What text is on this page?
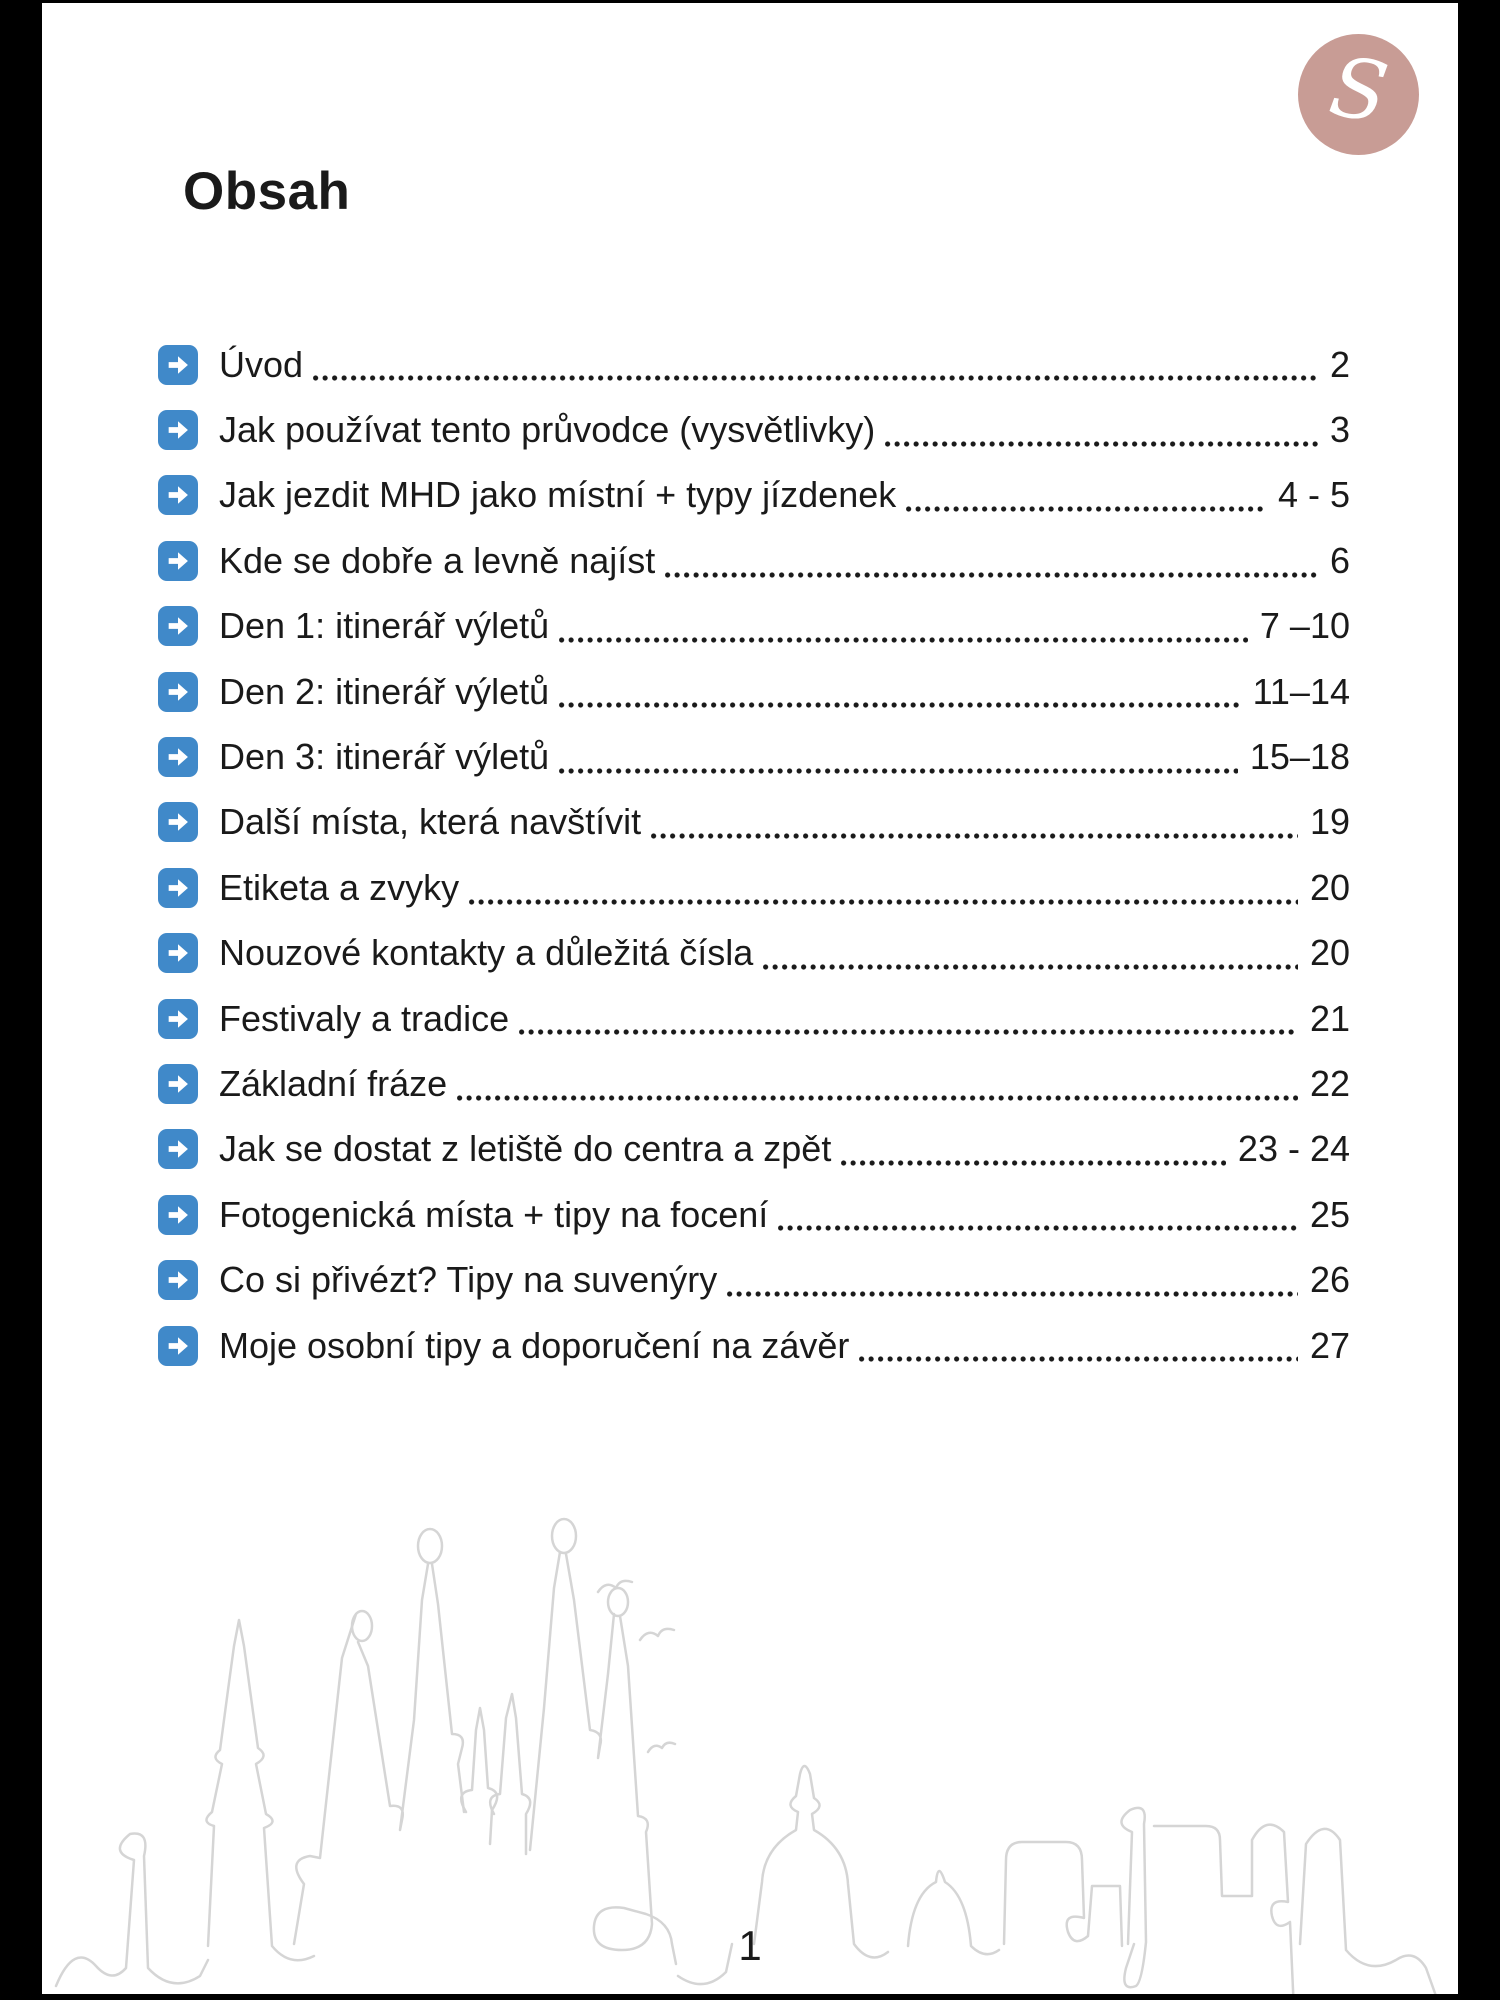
S
Obsah
Úvod	2
Jak používat tento průvodce (vysvětlivky)	3
Jak jezdit MHD jako místní + typy jízdenek	4 - 5
Kde se dobře a levně najíst	6
Den 1: itinerář výletů	7 –10
Den 2: itinerář výletů	11–14
Den 3: itinerář výletů	15–18
Další místa, která navštívit	19
Etiketa a zvyky	20
Nouzové kontakty a důležitá čísla	20
Festivaly a tradice	21
Základní fráze	22
Jak se dostat z letiště do centra a zpět	23 - 24
Fotogenická místa + tipy na focení	25
Co si přivézt? Tipy na suvenýry	26
Moje osobní tipy a doporučení na závěr	27
1
